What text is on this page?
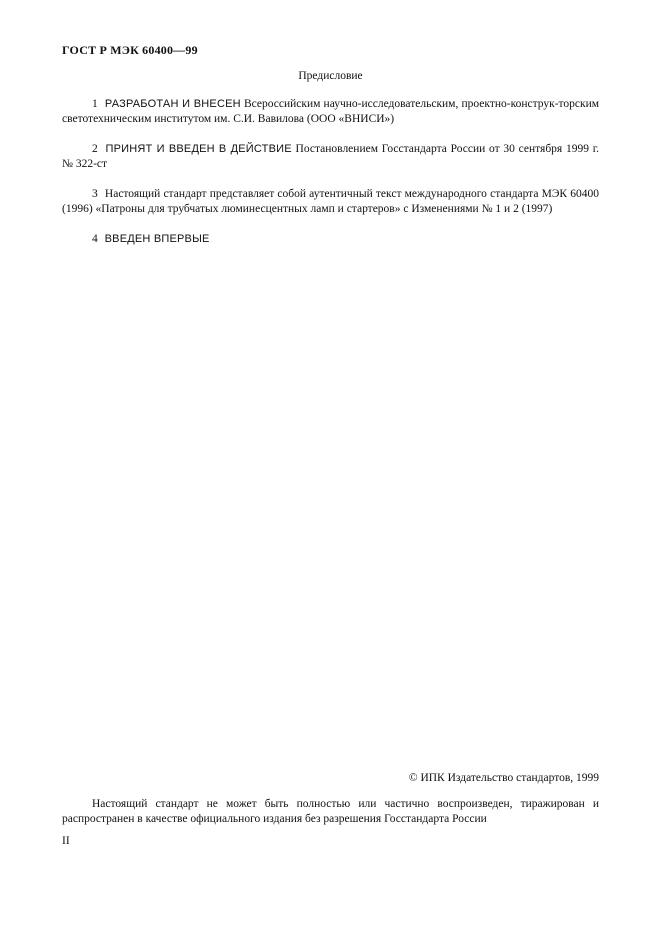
ГОСТ Р МЭК 60400—99
Предисловие

1 РАЗРАБОТАН И ВНЕСЕН Всероссийским научно-исследовательским, проектно-конструк-торским светотехническим институтом им. С.И. Вавилова (ООО «ВНИСИ»)

2 ПРИНЯТ И ВВЕДЕН В ДЕЙСТВИЕ Постановлением Госстандарта России от 30 сентября 1999 г. № 322-ст

3 Настоящий стандарт представляет собой аутентичный текст международного стандарта МЭК 60400 (1996) «Патроны для трубчатых люминесцентных ламп и стартеров» с Изменениями № 1 и 2 (1997)

4 ВВЕДЕН ВПЕРВЫЕ

© ИПК Издательство стандартов, 1999
Настоящий стандарт не может быть полностью или частично воспроизведен, тиражирован и распространен в качестве официального издания без разрешения Госстандарта России
II
